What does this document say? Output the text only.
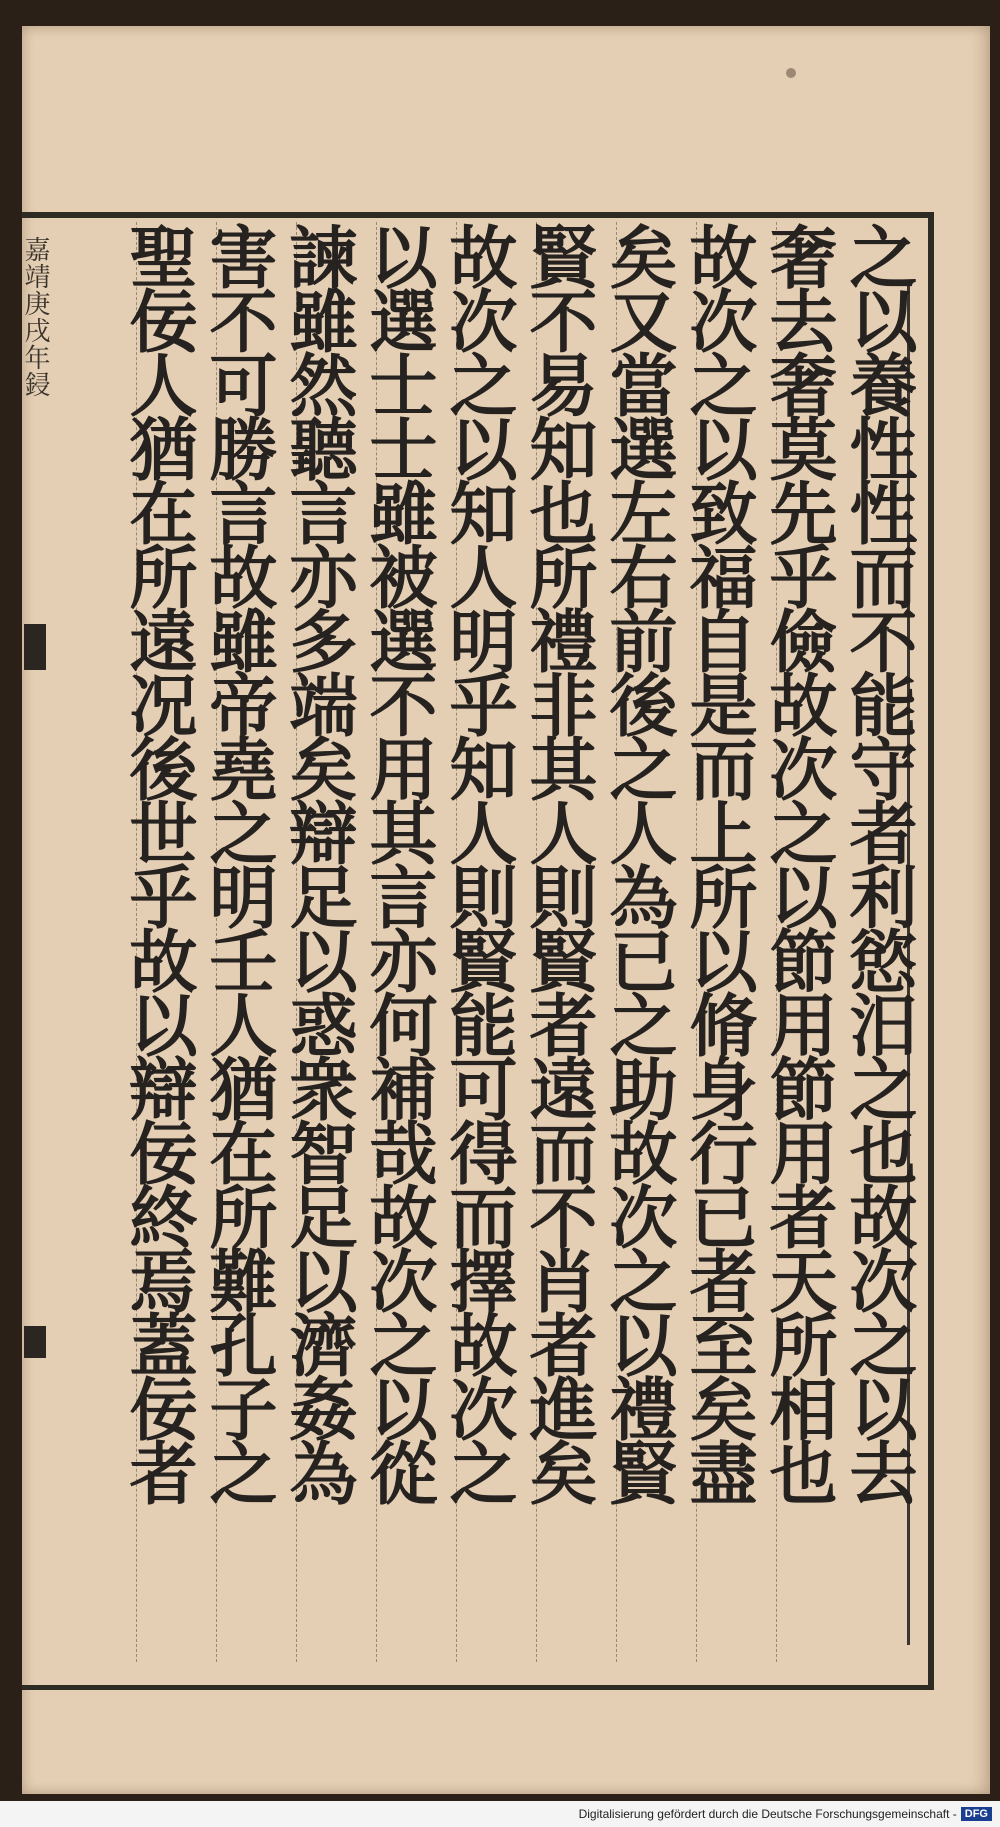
嘉靖庚戌年鋟	之以養性性而不能守者利慾汨之也故次之以去
奢去奢莫先乎儉故次之以節用節用者天所相也
故次之以致福自是而上所以脩身行已者至矣盡
矣又當選左右前後之人為已之助故次之以禮賢
賢不易知也所禮非其人則賢者遠而不肖者進矣
故次之以知人明乎知人則賢能可得而擇故次之
以選士士雖被選不用其言亦何補哉故次之以從
諫雖然聽言亦多端矣辯足以惑衆智足以濟姦為
害不可勝言故雖帝堯之明壬人猶在所難孔子之
聖佞人猶在所遠况後世乎故以辯佞終焉蓋佞者
Digitalisierung gefördert durch die Deutsche Forschungsgemeinschaft - DFG
